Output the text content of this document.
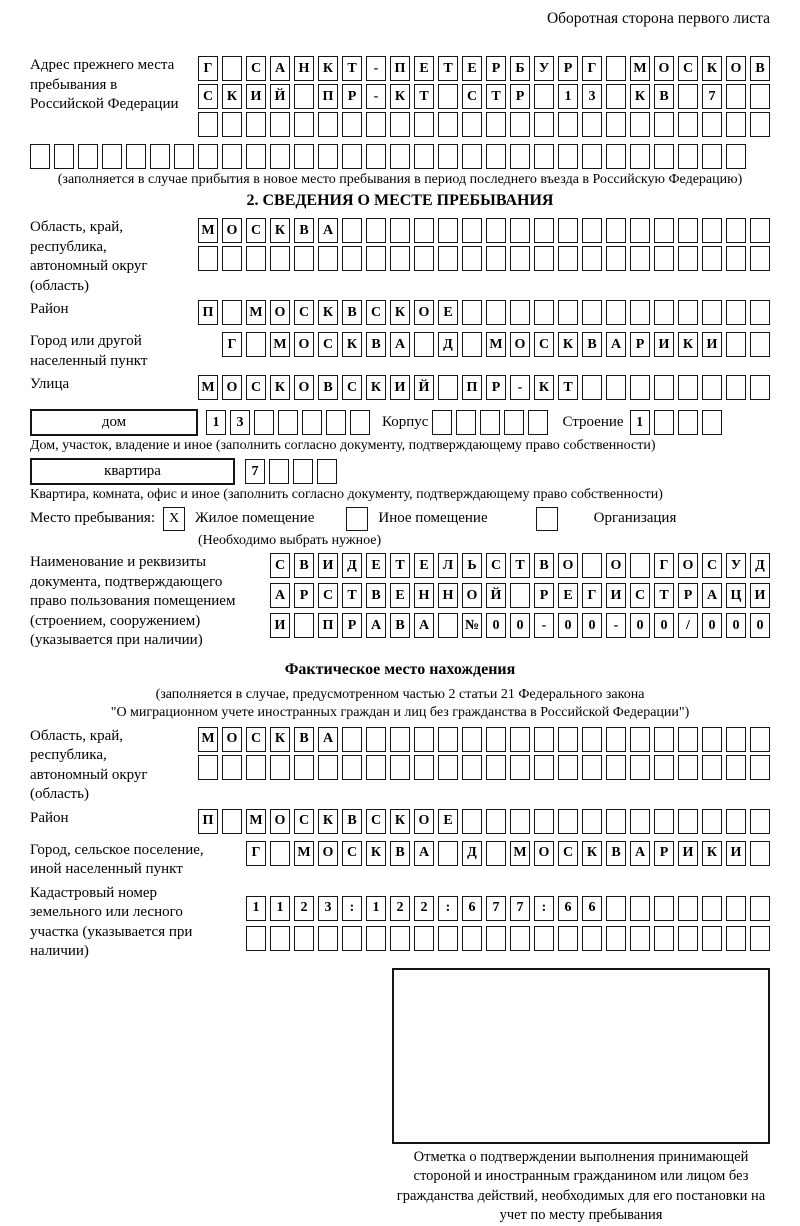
Оборотная сторона первого листа
Адрес прежнего места пребывания в Российской Федерации
Г	С А Н К	Т	-	П Е	Т	Е	Р	Б	У	Р	Г	М О С К О В
С К И Й	П	Р	-	К	Т	С	Т	Р	1	3	К	В	7
(заполняется в случае прибытия в новое место пребывания в период последнего въезда в Российскую Федерацию)
2. СВЕДЕНИЯ О МЕСТЕ ПРЕБЫВАНИЯ
Область, край, республика, автономный округ (область)
М О С К	В	А
Район	П	М О С К	В	С К О Е
Город или другой населенный пункт
Г	М О С К	В	А	Д	М О С К	В	А	Р	И К И
Улица	М О С К О В	С К И Й	П	Р	-	К	Т
дом	1	3	Корпус	Строение 1
Дом, участок, владение и иное (заполнить согласно документу, подтверждающему право собственности)
квартира	7
Квартира, комната, офис и иное (заполнить согласно документу, подтверждающему право собственности)
Место пребывания: X	Жилое помещение	Иное помещение	Организация
(Необходимо выбрать нужное)
Наименование и реквизиты документа, подтверждающего право пользования помещением (строением, сооружением) (указывается при наличии)
С	В И Д	Е	Т	Е	Л	Ь	С	Т	В О	О	Г	О С У	Д
А	Р	С	Т	В	Е Н Н О Й	Р	Е	Г	И С	Т	Р	А Ц И
И	П	Р	А	В	А	№ 0	0	-	0	0	-	0	0	/	0	0	0
Фактическое место нахождения
(заполняется в случае, предусмотренном частью 2 статьи 21 Федерального закона
"О миграционном учете иностранных граждан и лиц без гражданства в Российской Федерации")
Область, край, республика, автономный округ (область)
М О С К	В	А
Район	П	М О С К	В	С К О Е
Город, сельское поселение, иной населенный пункт
Г	М О С К	В	А	Д	М О С К	В	А	Р	И К И
Кадастровый номер земельного или лесного участка (указывается при наличии)
1	1	2	3	:	1	2	2	:	6	7	7	:	6	6
Отметка о подтверждении выполнения принимающей стороной и иностранным гражданином или лицом без гражданства действий, необходимых для его постановки на учет по месту пребывания
